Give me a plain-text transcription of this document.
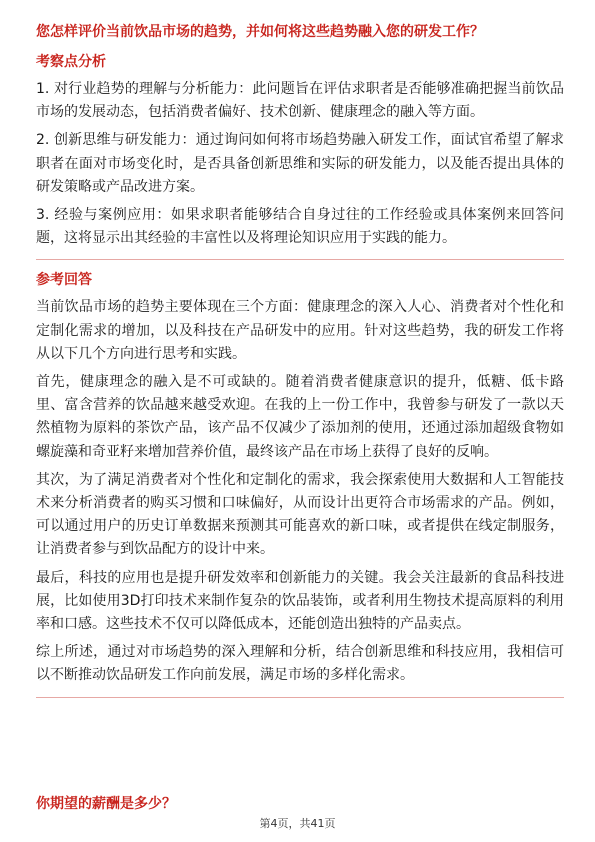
您怎样评价当前饮品市场的趋势，并如何将这些趋势融入您的研发工作？
考察点分析

1. 对行业趋势的理解与分析能力：此问题旨在评估求职者是否能够准确把握当前饮品市场的发展动态，包括消费者偏好、技术创新、健康理念的融入等方面。

2. 创新思维与研发能力：通过询问如何将市场趋势融入研发工作，面试官希望了解求职者在面对市场变化时，是否具备创新思维和实际的研发能力，以及能否提出具体的研发策略或产品改进方案。

3. 经验与案例应用：如果求职者能够结合自身过往的工作经验或具体案例来回答问题，这将显示出其经验的丰富性以及将理论知识应用于实践的能力。

参考回答

当前饮品市场的趋势主要体现在三个方面：健康理念的深入人心、消费者对个性化和定制化需求的增加，以及科技在产品研发中的应用。针对这些趋势，我的研发工作将从以下几个方向进行思考和实践。

首先，健康理念的融入是不可或缺的。随着消费者健康意识的提升，低糖、低卡路里、富含营养的饮品越来越受欢迎。在我的上一份工作中，我曾参与研发了一款以天然植物为原料的茶饮产品，该产品不仅减少了添加剂的使用，还通过添加超级食物如螺旋藻和奇亚籽来增加营养价值，最终该产品在市场上获得了良好的反响。

其次，为了满足消费者对个性化和定制化的需求，我会探索使用大数据和人工智能技术来分析消费者的购买习惯和口味偏好，从而设计出更符合市场需求的产品。例如，可以通过用户的历史订单数据来预测其可能喜欢的新口味，或者提供在线定制服务，让消费者参与到饮品配方的设计中来。

最后，科技的应用也是提升研发效率和创新能力的关键。我会关注最新的食品科技进展，比如使用3D打印技术来制作复杂的饮品装饰，或者利用生物技术提高原料的利用率和口感。这些技术不仅可以降低成本，还能创造出独特的产品卖点。

综上所述，通过对市场趋势的深入理解和分析，结合创新思维和科技应用，我相信可以不断推动饮品研发工作向前发展，满足市场的多样化需求。

你期望的薪酬是多少？
第4页，共41页
